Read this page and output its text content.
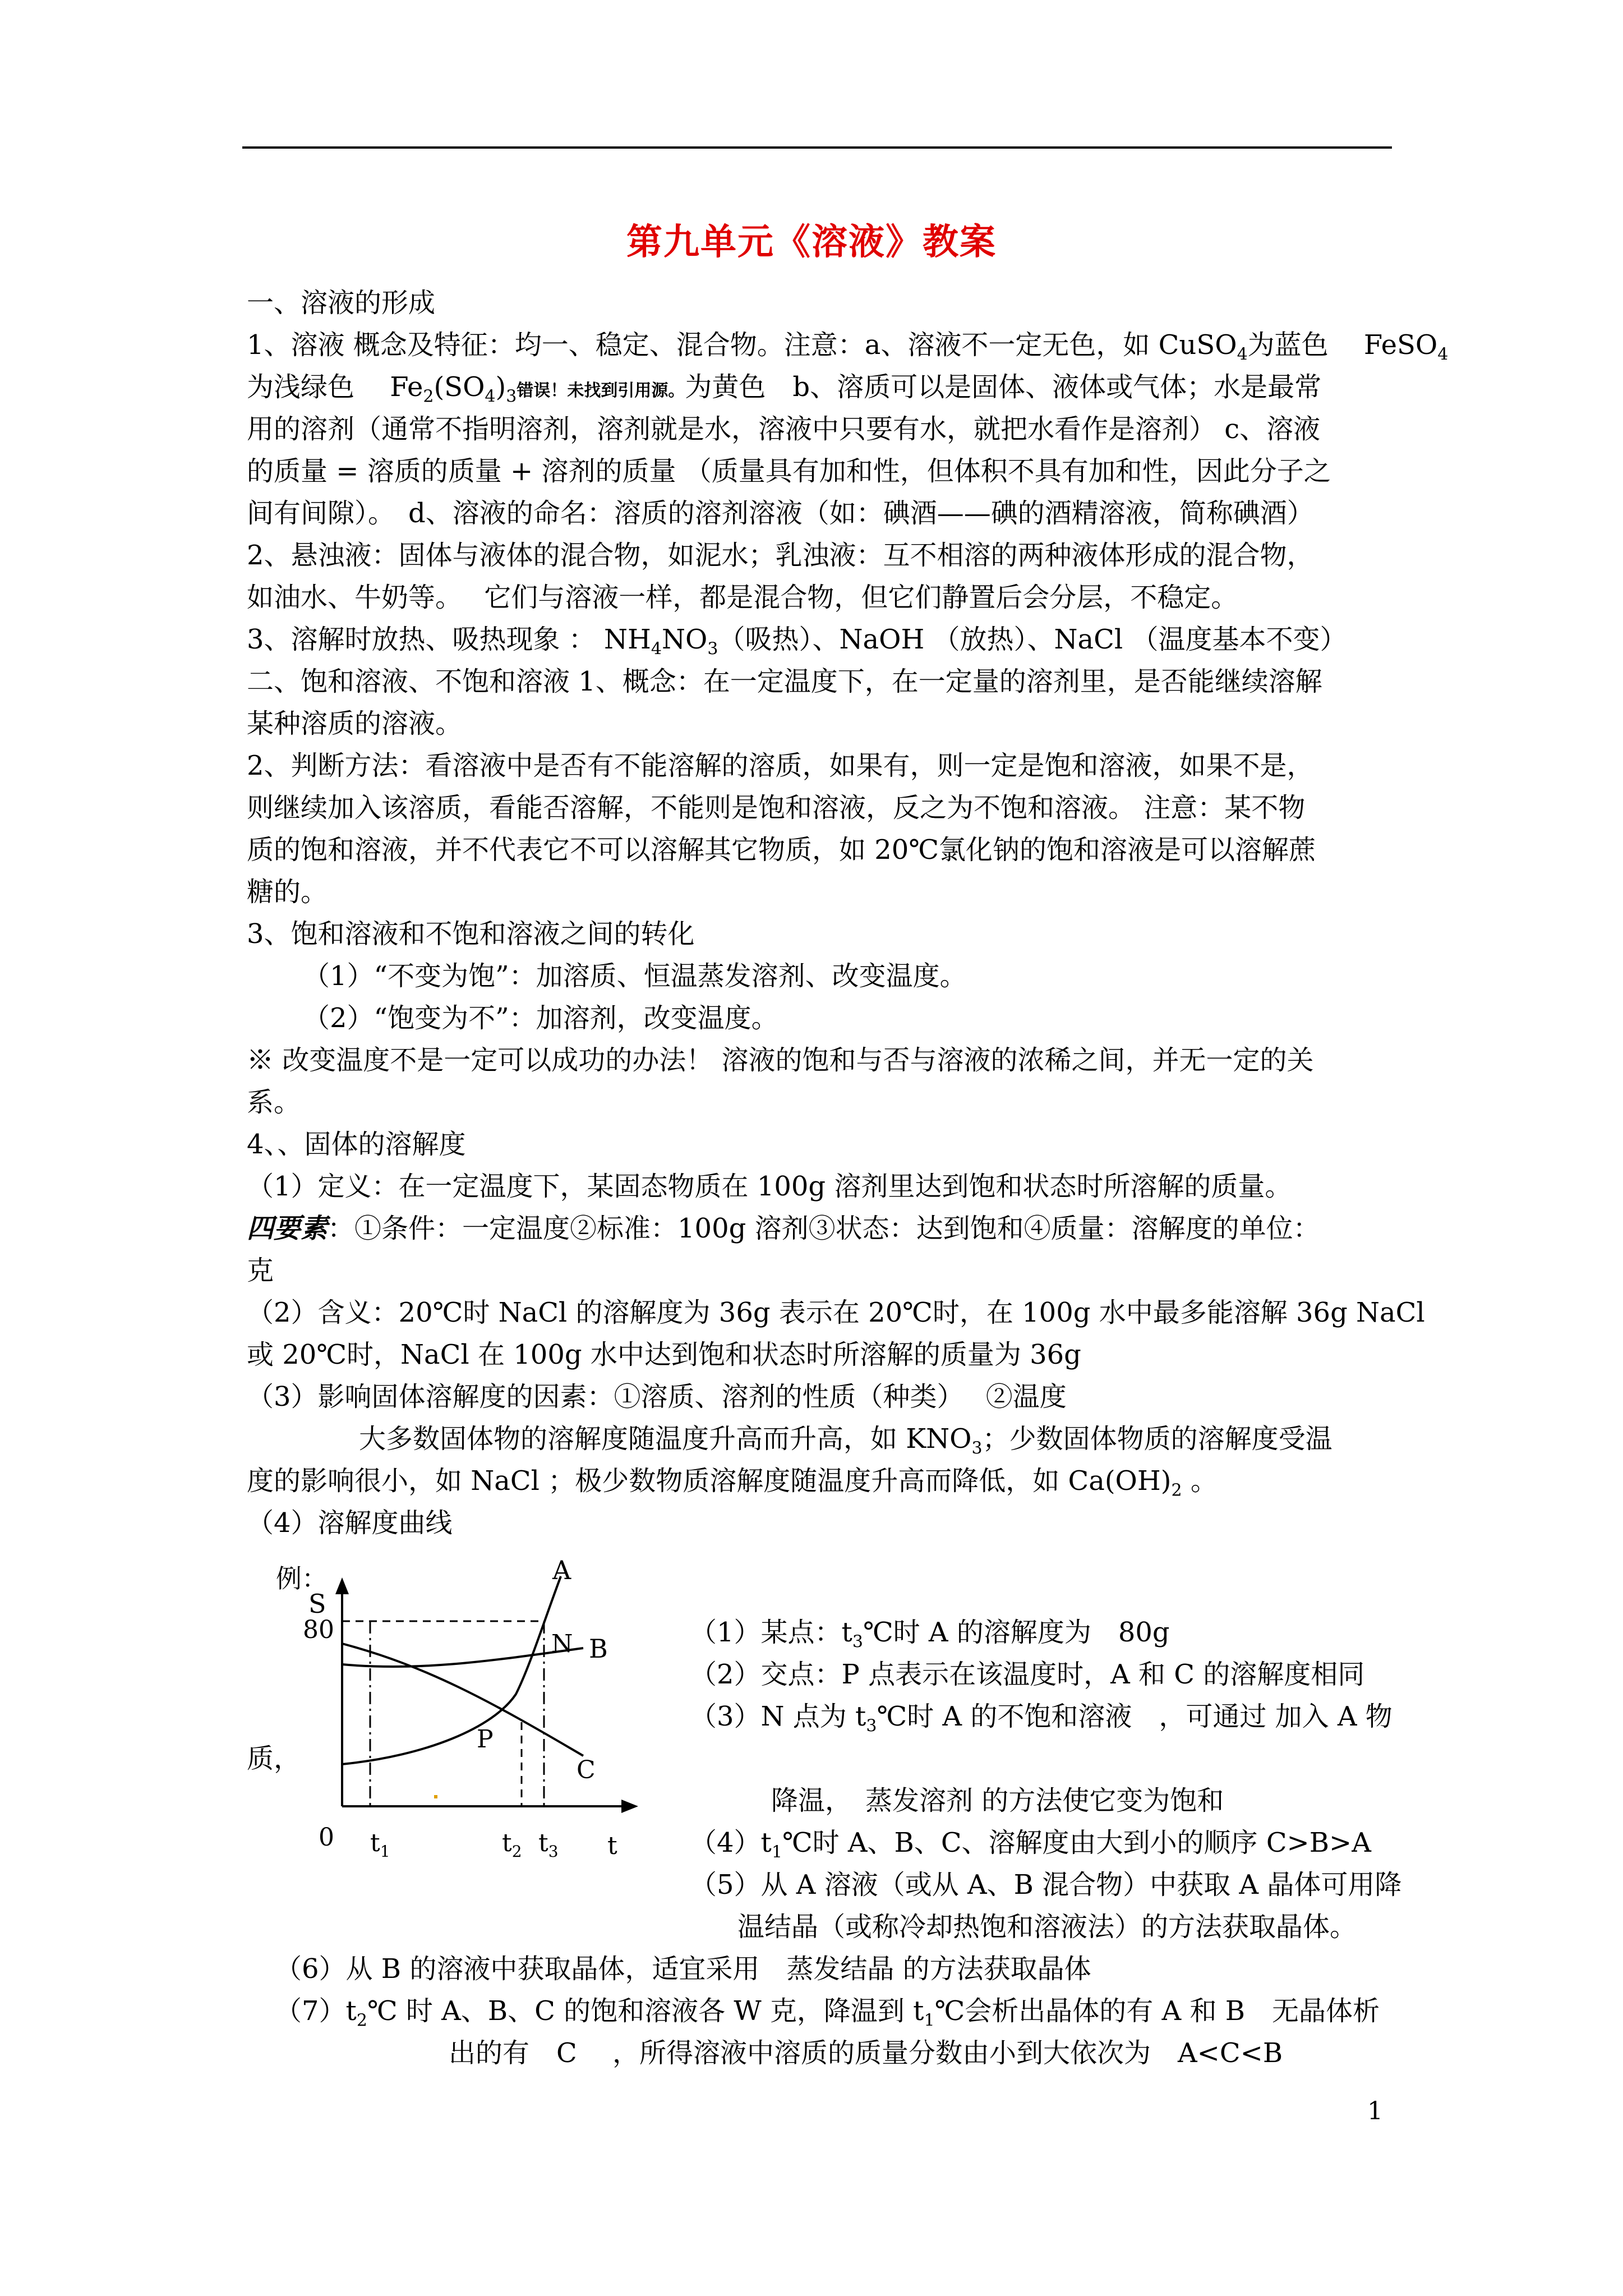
第九单元《溶液》教案
一、溶液的形成
1、溶液 概念及特征：均一、稳定、混合物。注意：a、溶液不一定无色，如 CuSO$_4$为蓝色　 FeSO$_4$
为浅绿色　 $Fe_2(SO_4)_3$错误！未找到引用源。为黄色　b、溶质可以是固体、液体或气体；水是最常
用的溶剂（通常不指明溶剂，溶剂就是水，溶液中只要有水，就把水看作是溶剂） c、溶液
的质量 = 溶质的质量 + 溶剂的质量 （质量具有加和性，但体积不具有加和性，因此分子之
间有间隙）。　d、溶液的命名：溶质的溶剂溶液（如：碘酒——碘的酒精溶液，简称碘酒）
2、悬浊液：固体与液体的混合物，如泥水；乳浊液：互不相溶的两种液体形成的混合物，
如油水、牛奶等。　 它们与溶液一样，都是混合物，但它们静置后会分层，不稳定。
3、溶解时放热、吸热现象 ： $NH_4NO_3$（吸热）、NaOH （放热）、NaCl （温度基本不变）
二、饱和溶液、不饱和溶液 1、概念：在一定温度下，在一定量的溶剂里，是否能继续溶解
某种溶质的溶液。
2、判断方法：看溶液中是否有不能溶解的溶质，如果有，则一定是饱和溶液，如果不是，
则继续加入该溶质，看能否溶解，不能则是饱和溶液，反之为不饱和溶液。 注意：某不物
质的饱和溶液，并不代表它不可以溶解其它物质，如 20℃氯化钠的饱和溶液是可以溶解蔗
糖的。
3、饱和溶液和不饱和溶液之间的转化
（1）“不变为饱”：加溶质、恒温蒸发溶剂、改变温度。
（2）“饱变为不”：加溶剂，改变温度。
※ 改变温度不是一定可以成功的办法！ 溶液的饱和与否与溶液的浓稀之间，并无一定的关
系。
4、、固体的溶解度
（1）定义：在一定温度下，某固态物质在 100g 溶剂里达到饱和状态时所溶解的质量。
四要素：①条件：一定温度②标准：100g 溶剂③状态：达到饱和④质量：溶解度的单位：
克
（2）含义：20℃时 NaCl 的溶解度为 36g 表示在 20℃时，在 100g 水中最多能溶解 36g NaCl
或 20℃时，NaCl 在 100g 水中达到饱和状态时所溶解的质量为 36g
（3）影响固体溶解度的因素：①溶质、溶剂的性质（种类）　 ②温度
大多数固体物的溶解度随温度升高而升高，如 $KNO_3$；少数固体物质的溶解度受温
度的影响很小，如 NaCl ；极少数物质溶解度随温度升高而降低，如 $Ca(OH)_2$ 。
（4）溶解度曲线
例：
S
80
A
N B
P
C
0 $t_1$	$t_2$ $t_3$ t
（1）某点：$t_3℃$时 A 的溶解度为　80g
（2）交点：P 点表示在该温度时，A 和 C 的溶解度相同
（3）N 点为 $t_3℃$时 A 的不饱和溶液　，可通过 加入 A 物
质，
降温，　蒸发溶剂 的方法使它变为饱和
$(4)t_1℃$时 A、B、C、溶解度由大到小的顺序 C>B>A
（5）从 A 溶液（或从 A、B 混合物）中获取 A 晶体可用降
温结晶（或称冷却热饱和溶液法）的方法获取晶体。
（6）从 B 的溶液中获取晶体，适宜采用　蒸发结晶 的方法获取晶体
$(7)t_2℃$ 时 A、B、C 的饱和溶液各 W 克，降温到 $t_1℃$会析出晶体的有 A 和 B　无晶体析
出的有　C　 ，所得溶液中溶质的质量分数由小到大依次为　A<C<B
1
